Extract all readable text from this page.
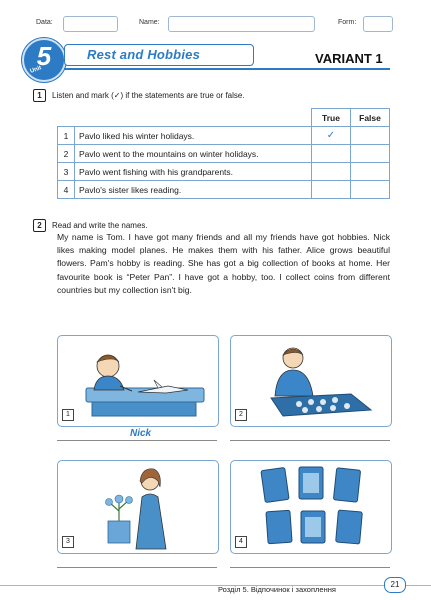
Data:	Name:	Form:
5
Unit
Rest and Hobbies	VARIANT 1
1	Listen and mark (✓) if the statements are true or false.
		True	False
1	Pavlo liked his winter holidays.	✓	
2	Pavlo went to the mountains on winter holidays.		
3	Pavlo went fishing with his grandparents.		
4	Pavlo's sister likes reading.		
2	Read and write the names.

My name is Tom. I have got many friends and all my friends have got hobbies. Nick likes making model planes. He makes them with his father. Alice grows beautiful flowers. Pam's hobby is reading. She has got a big collection of books at home. Her favourite book is “Peter Pan”. I have got a hobby, too. I collect coins from different countries but my collection isn't big.

1
Nick
2
3	4
Розділ 5. Відпочинок і захоплення
21
